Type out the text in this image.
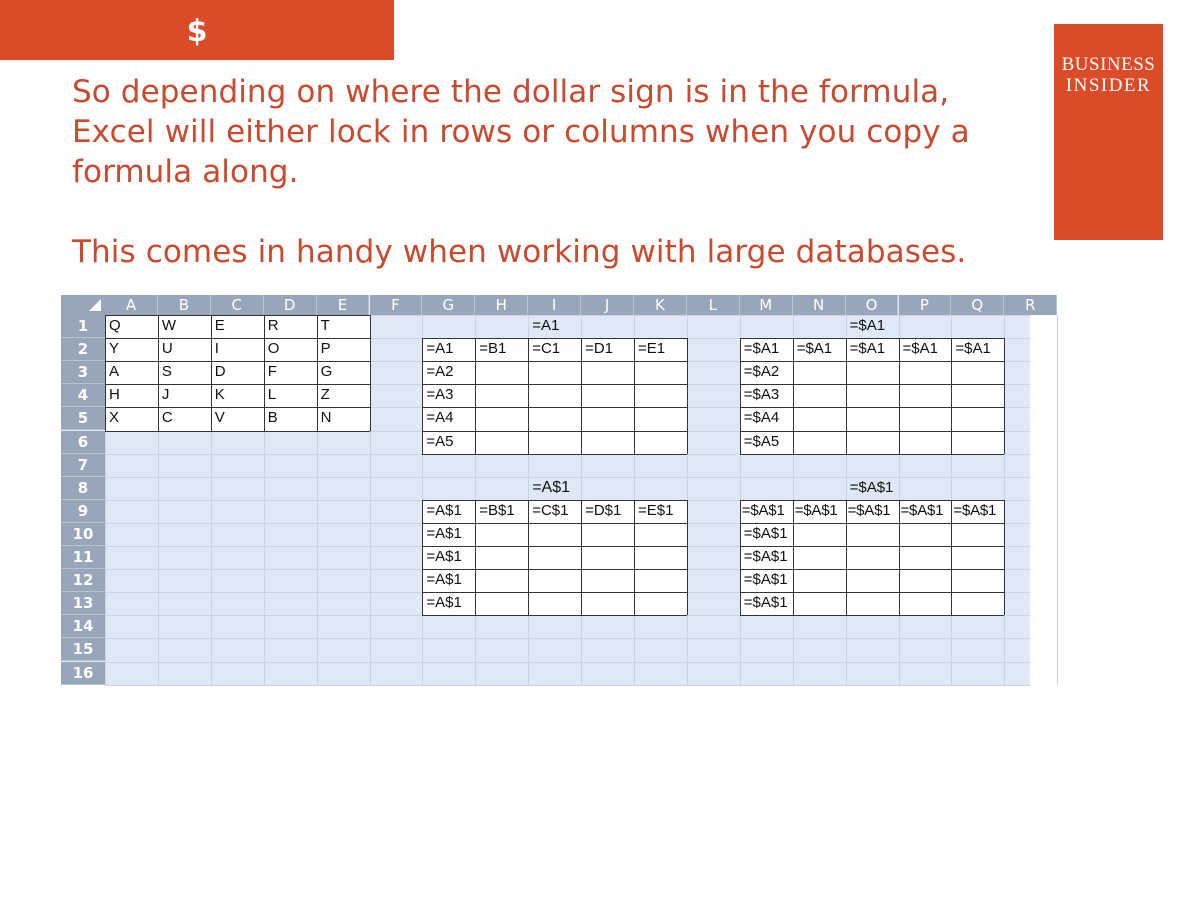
$
BUSINESS
INSIDER

So depending on where the dollar sign is in the formula, Excel will either lock in rows or columns when you copy a formula along.

This comes in handy when working with large databases.

A	B	C	D	E	F	G	H	I	J	K	L	M	N	O	P	Q	R
1
2
3
4
5
6
7
8
9
10
11
12
13
14
15
16
Q	W	E	R	T
Y	U	I	O	P
A	S	D	F	G
H	J	K	L	Z
X	C	V	B	N
=A1
=A1	=B1	=C1	=D1	=E1
=A2
=A3
=A4
=A5
=$A1
=$A1	=$A1	=$A1	=$A1	=$A1
=$A2
=$A3
=$A4
=$A5
=A$1
=A$1	=B$1	=C$1	=D$1	=E$1
=A$1
=A$1
=A$1
=A$1
=$A$1
=$A$1 =$A$1 =$A$1 =$A$1 =$A$1
=$A$1
=$A$1
=$A$1
=$A$1
